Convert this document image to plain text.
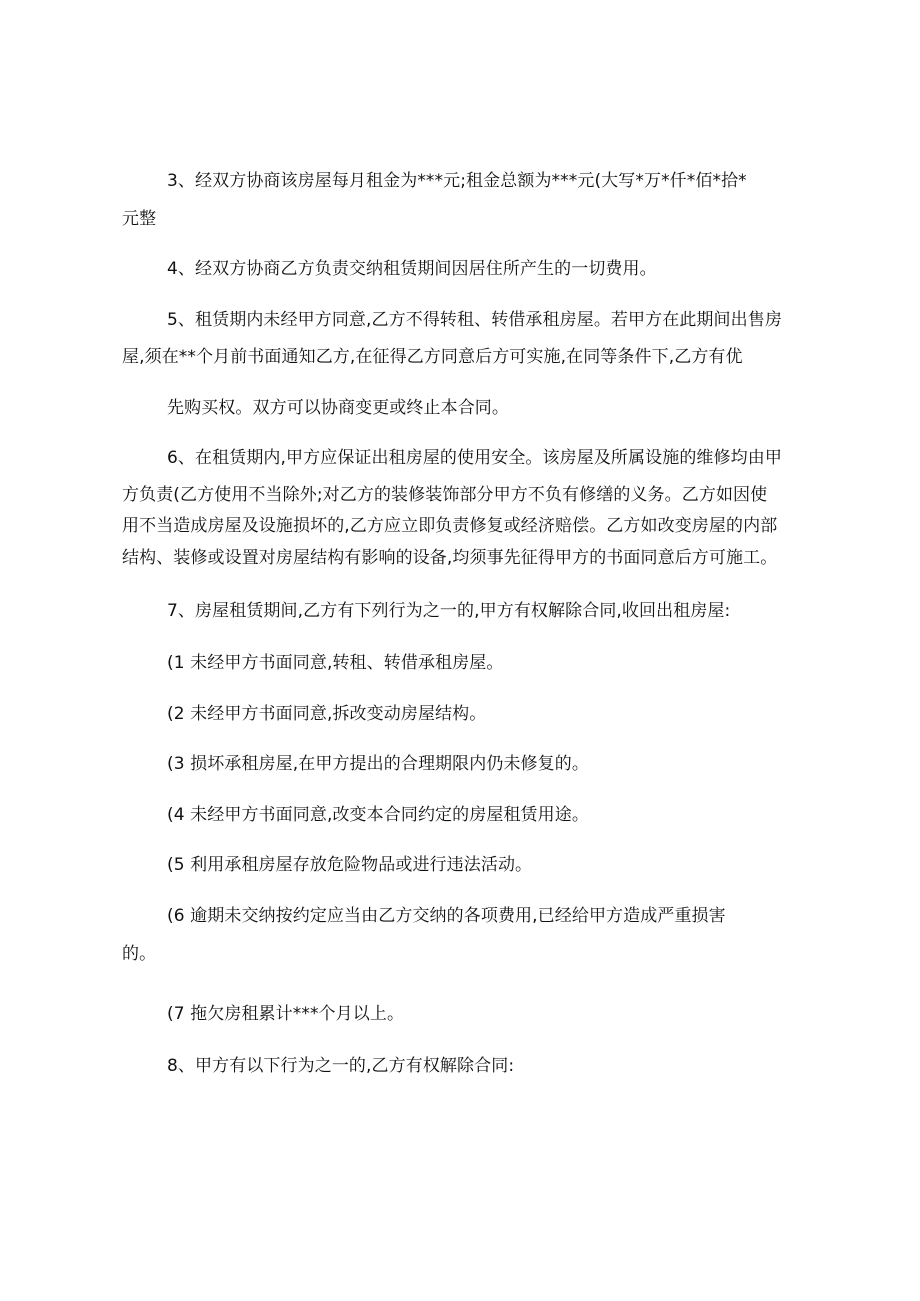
3、经双方协商该房屋每月租金为***元;租金总额为***元(大写*万*仟*佰*拾*
元整
4、经双方协商乙方负责交纳租赁期间因居住所产生的一切费用。
5、租赁期内未经甲方同意,乙方不得转租、转借承租房屋。若甲方在此期间出售房
屋,须在**个月前书面通知乙方,在征得乙方同意后方可实施,在同等条件下,乙方有优
先购买权。双方可以协商变更或终止本合同。
6、在租赁期内,甲方应保证出租房屋的使用安全。该房屋及所属设施的维修均由甲
方负责(乙方使用不当除外;对乙方的装修装饰部分甲方不负有修缮的义务。乙方如因使
用不当造成房屋及设施损坏的,乙方应立即负责修复或经济赔偿。乙方如改变房屋的内部
结构、装修或设置对房屋结构有影响的设备,均须事先征得甲方的书面同意后方可施工。
7、房屋租赁期间,乙方有下列行为之一的,甲方有权解除合同,收回出租房屋:
(1 未经甲方书面同意,转租、转借承租房屋。
(2 未经甲方书面同意,拆改变动房屋结构。
(3 损坏承租房屋,在甲方提出的合理期限内仍未修复的。
(4 未经甲方书面同意,改变本合同约定的房屋租赁用途。
(5 利用承租房屋存放危险物品或进行违法活动。
(6 逾期未交纳按约定应当由乙方交纳的各项费用,已经给甲方造成严重损害
的。
(7 拖欠房租累计***个月以上。
8、甲方有以下行为之一的,乙方有权解除合同:
